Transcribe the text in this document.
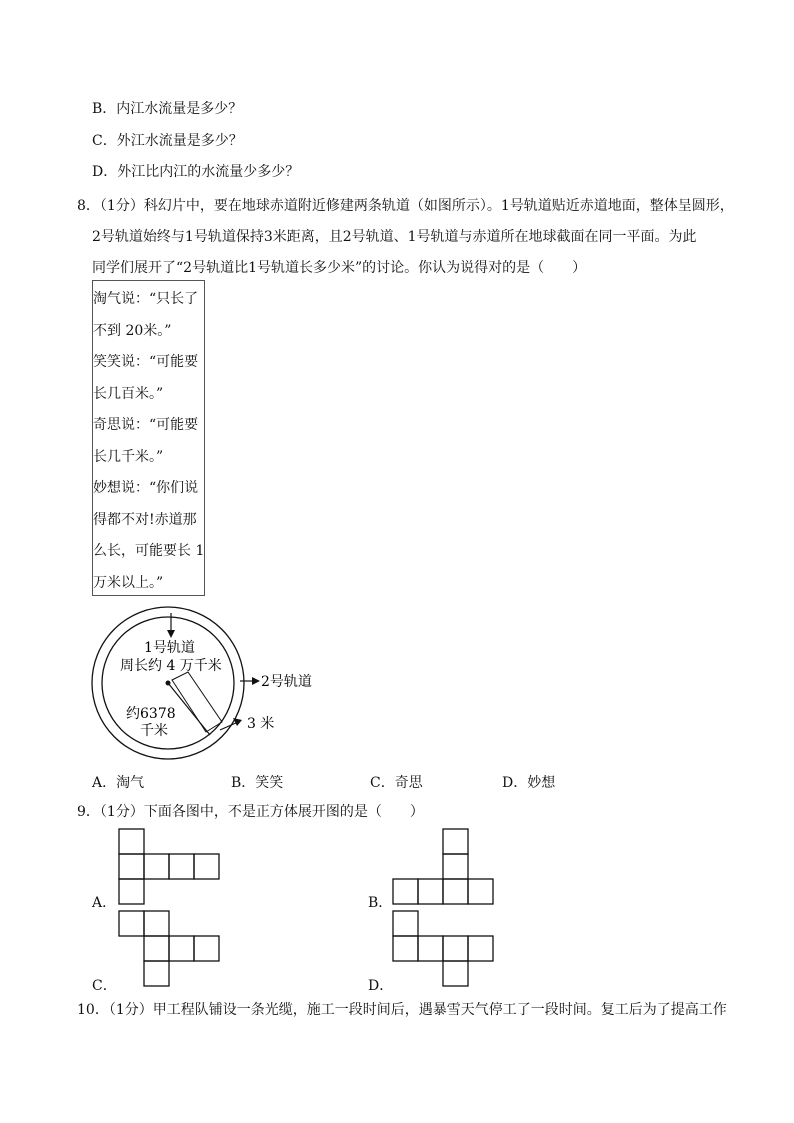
B．内江水流量是多少？
C．外江水流量是多少？
D．外江比内江的水流量少多少？
8．（1分）科幻片中，要在地球赤道附近修建两条轨道（如图所示）。1号轨道贴近赤道地面，整体呈圆形，
2号轨道始终与1号轨道保持3米距离，且2号轨道、1号轨道与赤道所在地球截面在同一平面。为此
同学们展开了“2号轨道比1号轨道长多少米”的讨论。你认为说得对的是（　　）
淘气说：“只长了
不到 20米。”
笑笑说：“可能要
长几百米。”
奇思说：“可能要
长几千米。”
妙想说：“你们说
得都不对!赤道那
么长，可能要长 1
万米以上。”
1号轨道
周长约 4 万千米
2号轨道
约6378
千米	3 米
A．淘气	B．笑笑	C．奇思	D．妙想
9．（1分）下面各图中，不是正方体展开图的是（　　）
A．	B．
C．	D．
10．（1分）甲工程队铺设一条光缆，施工一段时间后，遇暴雪天气停工了一段时间。复工后为了提高工作
